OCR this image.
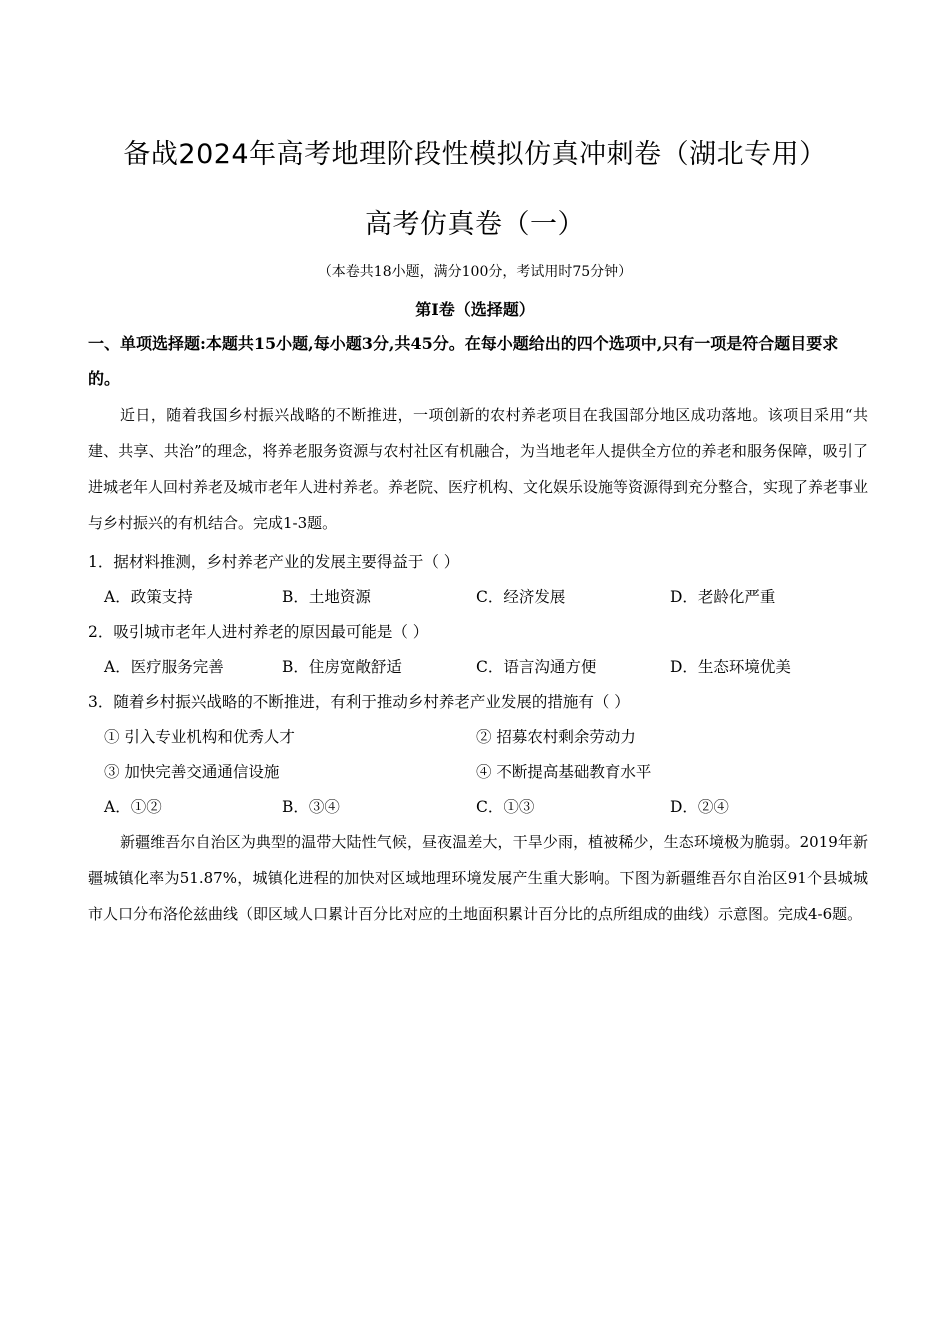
备战2024年高考地理阶段性模拟仿真冲刺卷（湖北专用）
高考仿真卷（一）
（本卷共18小题，满分100分，考试用时75分钟）
第I卷（选择题）
一、单项选择题:本题共15小题,每小题3分,共45分。在每小题给出的四个选项中,只有一项是符合题目要求的。
近日，随着我国乡村振兴战略的不断推进，一项创新的农村养老项目在我国部分地区成功落地。该项目采用“共建、共享、共治”的理念，将养老服务资源与农村社区有机融合，为当地老年人提供全方位的养老和服务保障，吸引了进城老年人回村养老及城市老年人进村养老。养老院、医疗机构、文化娱乐设施等资源得到充分整合，实现了养老事业与乡村振兴的有机结合。完成1-3题。
1．据材料推测，乡村养老产业的发展主要得益于（ ）
A．政策支持	B．土地资源	C．经济发展	D．老龄化严重
2．吸引城市老年人进村养老的原因最可能是（ ）
A．医疗服务完善	B．住房宽敞舒适	C．语言沟通方便	D．生态环境优美
3．随着乡村振兴战略的不断推进，有利于推动乡村养老产业发展的措施有（ ）
① 引入专业机构和优秀人才	② 招募农村剩余劳动力
③ 加快完善交通通信设施	④ 不断提高基础教育水平
A．①②	B．③④	C．①③	D．②④
新疆维吾尔自治区为典型的温带大陆性气候，昼夜温差大，干旱少雨，植被稀少，生态环境极为脆弱。2019年新疆城镇化率为51.87%，城镇化进程的加快对区域地理环境发展产生重大影响。下图为新疆维吾尔自治区91个县城城市人口分布洛伦兹曲线（即区域人口累计百分比对应的土地面积累计百分比的点所组成的曲线）示意图。完成4-6题。
